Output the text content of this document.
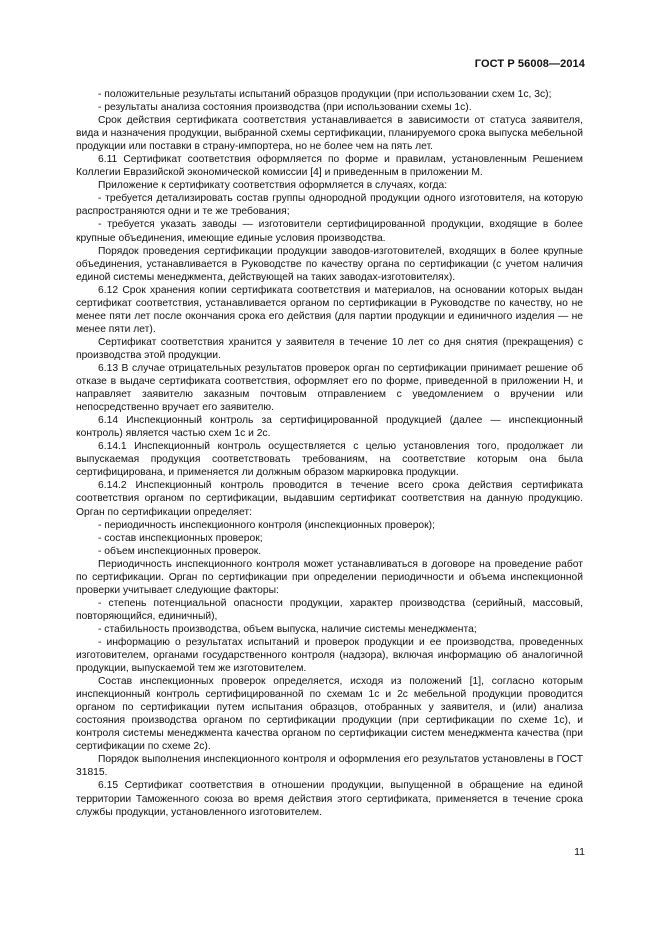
ГОСТ Р 56008—2014

- положительные результаты испытаний образцов продукции (при использовании схем 1с, 3с);

- результаты анализа состояния производства (при использовании схемы 1с).

Срок действия сертификата соответствия устанавливается в зависимости от статуса заявителя, вида и назначения продукции, выбранной схемы сертификации, планируемого срока выпуска мебельной продукции или поставки в страну-импортера, но не более чем на пять лет.

6.11 Сертификат соответствия оформляется по форме и правилам, установленным Решением Коллегии Евразийской экономической комиссии [4] и приведенным в приложении М.

Приложение к сертификату соответствия оформляется в случаях, когда:

- требуется детализировать состав группы однородной продукции одного изготовителя, на которую распространяются одни и те же требования;

- требуется указать заводы — изготовители сертифицированной продукции, входящие в более крупные объединения, имеющие единые условия производства.

Порядок проведения сертификации продукции заводов-изготовителей, входящих в более крупные объединения, устанавливается в Руководстве по качеству органа по сертификации (с учетом наличия единой системы менеджмента, действующей на таких заводах-изготовителях).

6.12 Срок хранения копии сертификата соответствия и материалов, на основании которых выдан сертификат соответствия, устанавливается органом по сертификации в Руководстве по качеству, но не менее пяти лет после окончания срока его действия (для партии продукции и единичного изделия — не менее пяти лет).

Сертификат соответствия хранится у заявителя в течение 10 лет со дня снятия (прекращения) с производства этой продукции.

6.13 В случае отрицательных результатов проверок орган по сертификации принимает решение об отказе в выдаче сертификата соответствия, оформляет его по форме, приведенной в приложении Н, и направляет заявителю заказным почтовым отправлением с уведомлением о вручении или непосредственно вручает его заявителю.

6.14 Инспекционный контроль за сертифицированной продукцией (далее — инспекционный контроль) является частью схем 1с и 2с.

6.14.1 Инспекционный контроль осуществляется с целью установления того, продолжает ли выпускаемая продукция соответствовать требованиям, на соответствие которым она была сертифицирована, и применяется ли должным образом маркировка продукции.

6.14.2 Инспекционный контроль проводится в течение всего срока действия сертификата соответствия органом по сертификации, выдавшим сертификат соответствия на данную продукцию. Орган по сертификации определяет:

- периодичность инспекционного контроля (инспекционных проверок);

- состав инспекционных проверок;

- объем инспекционных проверок.

Периодичность инспекционного контроля может устанавливаться в договоре на проведение работ по сертификации. Орган по сертификации при определении периодичности и объема инспекционной проверки учитывает следующие факторы:

- степень потенциальной опасности продукции, характер производства (серийный, массовый, повторяющийся, единичный),

- стабильность производства, объем выпуска, наличие системы менеджмента;

- информацию о результатах испытаний и проверок продукции и ее производства, проведенных изготовителем, органами государственного контроля (надзора), включая информацию об аналогичной продукции, выпускаемой тем же изготовителем.

Состав инспекционных проверок определяется, исходя из положений [1], согласно которым инспекционный контроль сертифицированной по схемам 1с и 2с мебельной продукции проводится органом по сертификации путем испытания образцов, отобранных у заявителя, и (или) анализа состояния производства органом по сертификации продукции (при сертификации по схеме 1с), и контроля системы менеджмента качества органом по сертификации систем менеджмента качества (при сертификации по схеме 2с).

Порядок выполнения инспекционного контроля и оформления его результатов установлены в ГОСТ 31815.

6.15 Сертификат соответствия в отношении продукции, выпущенной в обращение на единой территории Таможенного союза во время действия этого сертификата, применяется в течение срока службы продукции, установленного изготовителем.

11
